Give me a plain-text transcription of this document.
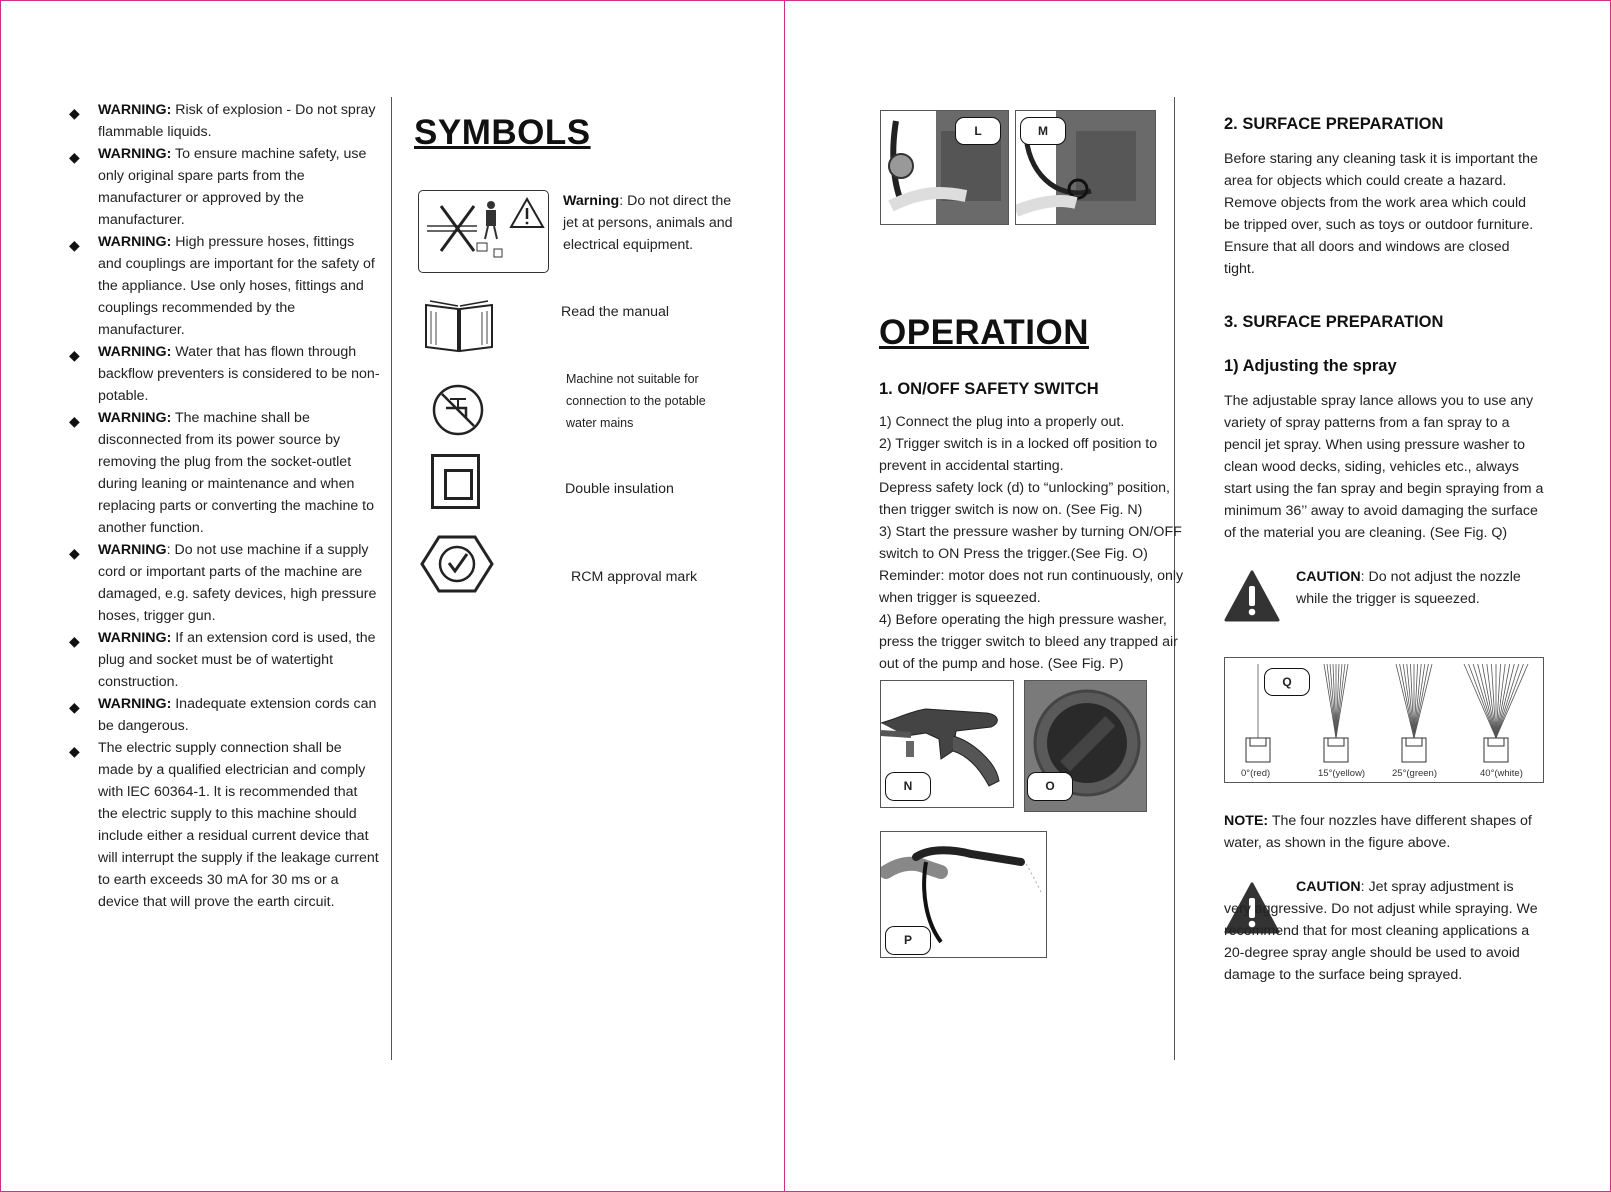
◆ WARNING: Risk of explosion - Do not spray flammable liquids.
◆ WARNING: To ensure machine safety, use only original spare parts from the manufacturer or approved by the manufacturer.
◆ WARNING: High pressure hoses, fittings and couplings are important for the safety of the appliance. Use only hoses, fittings and couplings recommended by the manufacturer.
◆ WARNING: Water that has flown through backflow preventers is considered to be non-potable.
◆ WARNING: The machine shall be disconnected from its power source by removing the plug from the socket-outlet during leaning or maintenance and when replacing parts or converting the machine to another function.
◆ WARNING: Do not use machine if a supply cord or important parts of the machine are damaged, e.g. safety devices, high pressure hoses, trigger gun.
◆ WARNING: If an extension cord is used, the plug and socket must be of watertight construction.
◆ WARNING: Inadequate extension cords can be dangerous.
◆ The electric supply connection shall be made by a qualified electrician and comply with lEC 60364-1. lt is recommended that the electric supply to this machine should include either a residual current device that will interrupt the supply if the leakage current to earth exceeds 30 mA for 30 ms or a device that will prove the earth circuit.
SYMBOLS
Warning: Do not direct the jet at persons, animals and electrical equipment.
Read the manual
Machine not suitable for connection to the potable water mains
Double insulation
RCM approval mark
L	M
OPERATION
1. ON/OFF SAFETY SWITCH
1) Connect the plug into a properly out.
2) Trigger switch is in a locked off position to prevent in accidental starting.
Depress safety lock (d) to “unlocking” position, then trigger switch is now on. (See Fig. N)
3) Start the pressure washer by turning ON/OFF switch to ON Press the trigger.(See Fig. O)
Reminder: motor does not run continuously, only when trigger is squeezed.
4) Before operating the high pressure washer, press the trigger switch to bleed any trapped air out of the pump and hose. (See Fig. P)
N	O
P
2. SURFACE PREPARATION
Before staring any cleaning task it is important the area for objects which could create a hazard. Remove objects from the work area which could be tripped over, such as toys or outdoor furniture. Ensure that all doors and windows are closed tight.
3. SURFACE PREPARATION
1) Adjusting the spray
The adjustable spray lance allows you to use any variety of spray patterns from a fan spray to a pencil jet spray. When using pressure washer to clean wood decks, siding, vehicles etc., always start using the fan spray and begin spraying from a minimum 36’’ away to avoid damaging the surface of the material you are cleaning. (See Fig. Q)
CAUTION: Do not adjust the nozzle while the trigger is squeezed.
Q
0°(red)	15°(yellow)	25°(green)	40°(white)
NOTE: The four nozzles have different shapes of water, as shown in the figure above.
CAUTION: Jet spray adjustment is very aggressive. Do not adjust while spraying. We recommend that for most cleaning applications a 20-degree spray angle should be used to avoid damage to the surface being sprayed.
